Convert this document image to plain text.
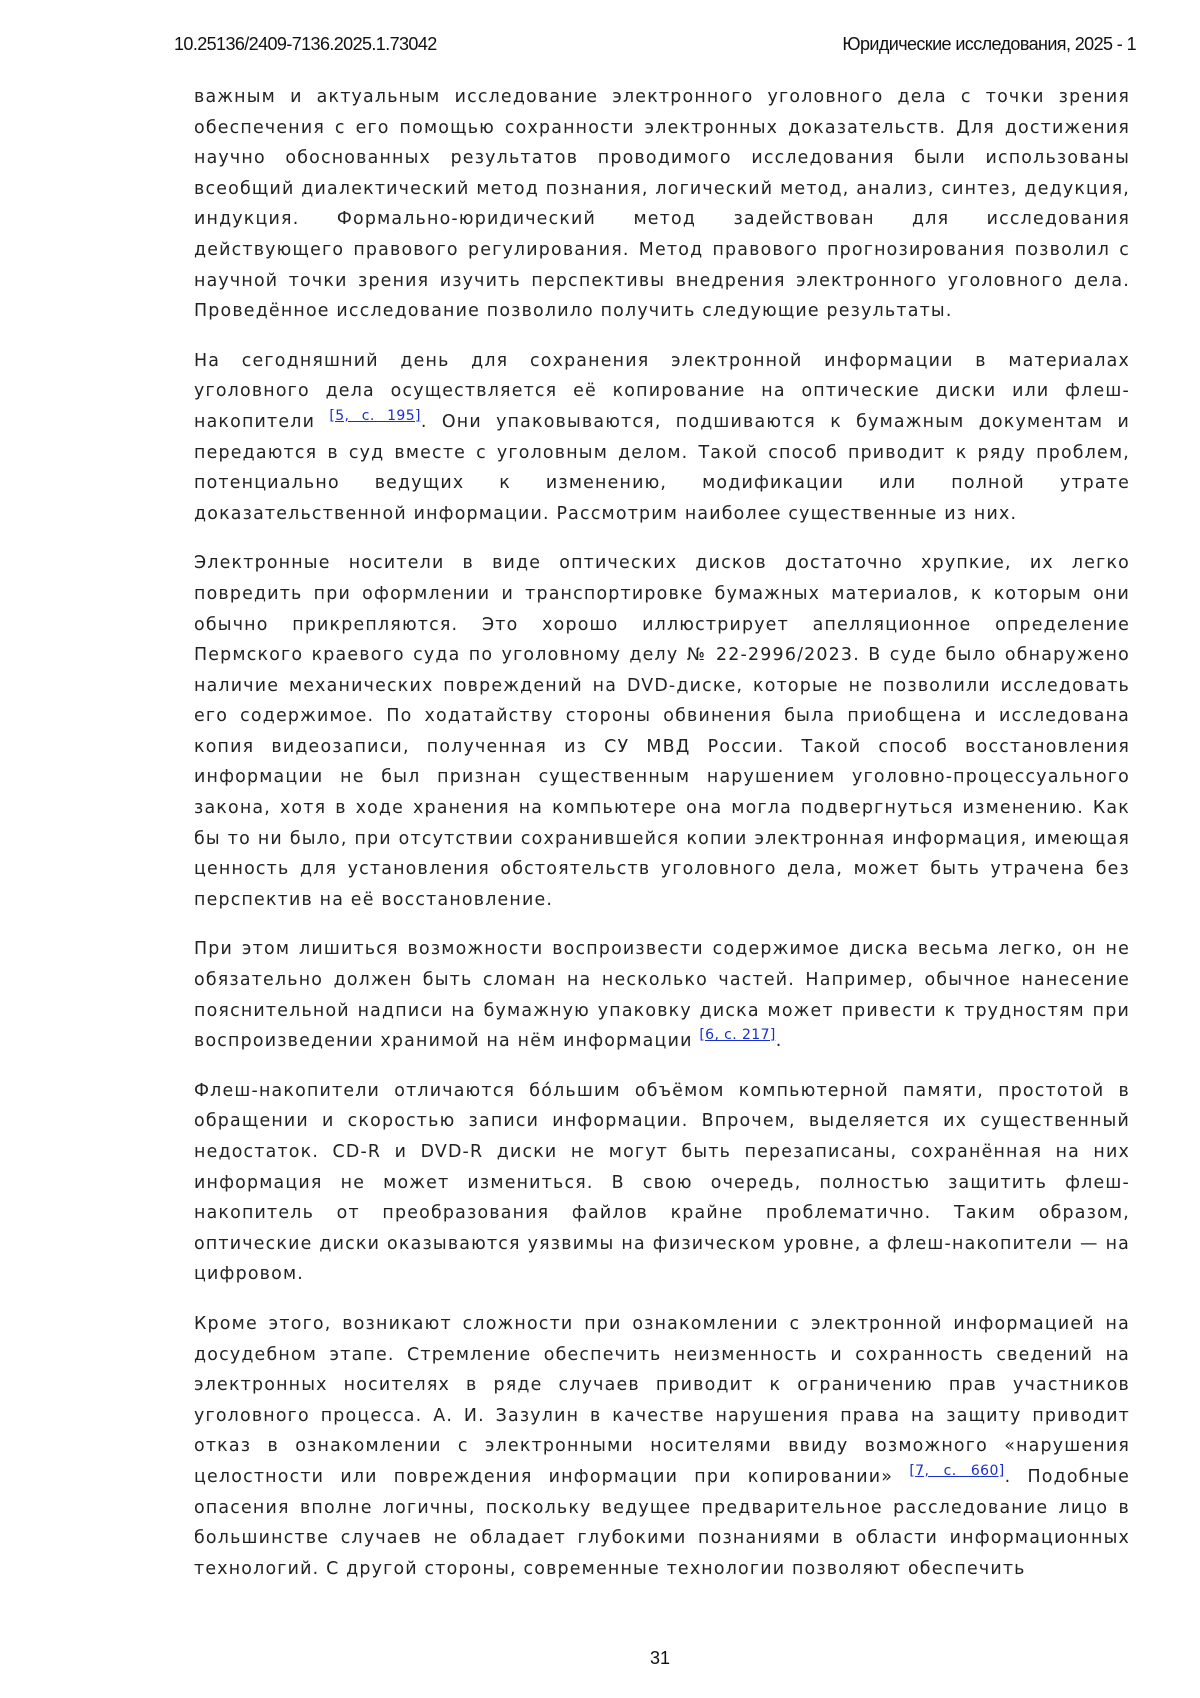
10.25136/2409-7136.2025.1.73042	Юридические исследования, 2025 - 1

важным и актуальным исследование электронного уголовного дела с точки зрения обеспечения с его помощью сохранности электронных доказательств. Для достижения научно обоснованных результатов проводимого исследования были использованы всеобщий диалектический метод познания, логический метод, анализ, синтез, дедукция, индукция. Формально-юридический метод задействован для исследования действующего правового регулирования. Метод правового прогнозирования позволил с научной точки зрения изучить перспективы внедрения электронного уголовного дела. Проведённое исследование позволило получить следующие результаты.

На сегодняшний день для сохранения электронной информации в материалах уголовного дела осуществляется её копирование на оптические диски или флеш-накопители [5, с. 195]. Они упаковываются, подшиваются к бумажным документам и передаются в суд вместе с уголовным делом. Такой способ приводит к ряду проблем, потенциально ведущих к изменению, модификации или полной утрате доказательственной информации. Рассмотрим наиболее существенные из них.

Электронные носители в виде оптических дисков достаточно хрупкие, их легко повредить при оформлении и транспортировке бумажных материалов, к которым они обычно прикрепляются. Это хорошо иллюстрирует апелляционное определение Пермского краевого суда по уголовному делу № 22-2996/2023. В суде было обнаружено наличие механических повреждений на DVD-диске, которые не позволили исследовать его содержимое. По ходатайству стороны обвинения была приобщена и исследована копия видеозаписи, полученная из СУ МВД России. Такой способ восстановления информации не был признан существенным нарушением уголовно-процессуального закона, хотя в ходе хранения на компьютере она могла подвергнуться изменению. Как бы то ни было, при отсутствии сохранившейся копии электронная информация, имеющая ценность для установления обстоятельств уголовного дела, может быть утрачена без перспектив на её восстановление.

При этом лишиться возможности воспроизвести содержимое диска весьма легко, он не обязательно должен быть сломан на несколько частей. Например, обычное нанесение пояснительной надписи на бумажную упаковку диска может привести к трудностям при воспроизведении хранимой на нём информации [6, с. 217].

Флеш-накопители отличаются бóльшим объёмом компьютерной памяти, простотой в обращении и скоростью записи информации. Впрочем, выделяется их существенный недостаток. CD-R и DVD-R диски не могут быть перезаписаны, сохранённая на них информация не может измениться. В свою очередь, полностью защитить флеш-накопитель от преобразования файлов крайне проблематично. Таким образом, оптические диски оказываются уязвимы на физическом уровне, а флеш-накопители — на цифровом.

Кроме этого, возникают сложности при ознакомлении с электронной информацией на досудебном этапе. Стремление обеспечить неизменность и сохранность сведений на электронных носителях в ряде случаев приводит к ограничению прав участников уголовного процесса. А. И. Зазулин в качестве нарушения права на защиту приводит отказ в ознакомлении с электронными носителями ввиду возможного «нарушения целостности или повреждения информации при копировании» [7, с. 660]. Подобные опасения вполне логичны, поскольку ведущее предварительное расследование лицо в большинстве случаев не обладает глубокими познаниями в области информационных технологий. С другой стороны, современные технологии позволяют обеспечить

31
